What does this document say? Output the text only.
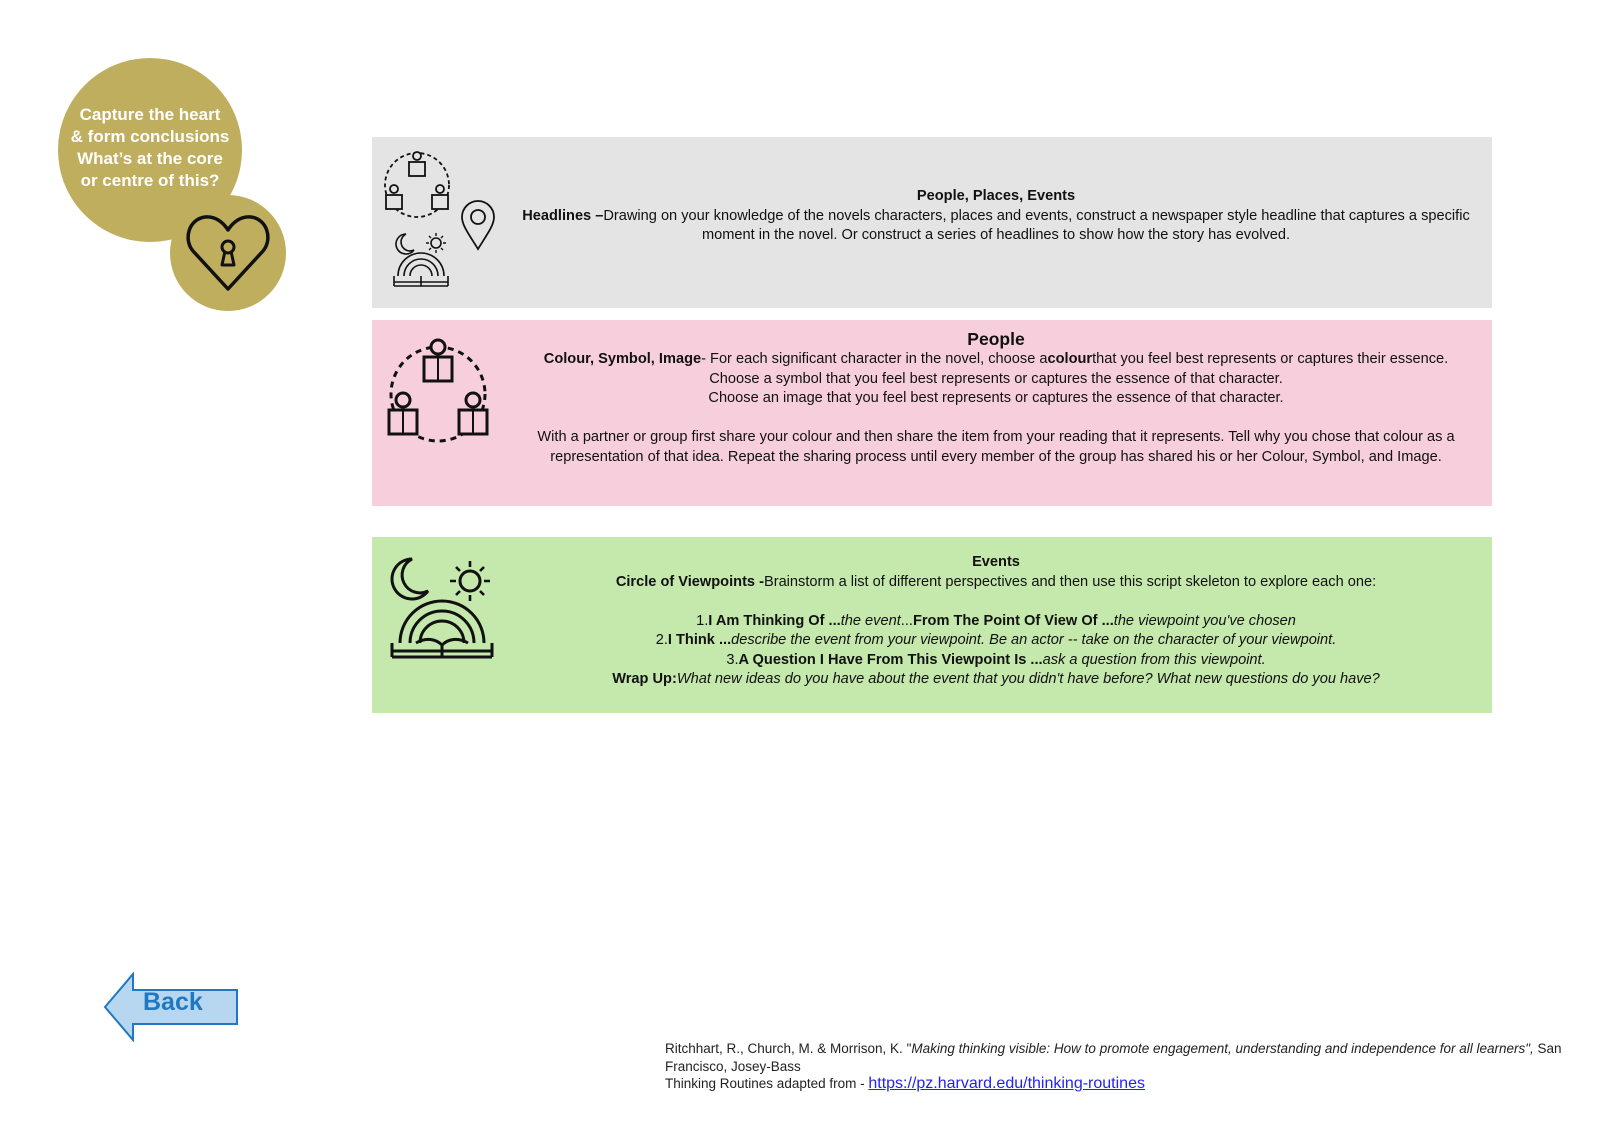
Capture the heart
& form conclusions
What’s at the core
or centre of this?
People, Places, Events
Headlines –Drawing on your knowledge of the novels characters, places and events, construct a newspaper style headline that captures a specific moment in the novel. Or construct a series of headlines to show how the story has evolved.
People
Colour, Symbol, Image- For each significant character in the novel, choose acolourthat you feel best represents or captures their essence.
Choose a symbol that you feel best represents or captures the essence of that character.
Choose an image that you feel best represents or captures the essence of that character.
With a partner or group first share your colour and then share the item from your reading that it represents. Tell why you chose that colour as a representation of that idea. Repeat the sharing process until every member of the group has shared his or her Colour, Symbol, and Image.
Events
Circle of Viewpoints -Brainstorm a list of different perspectives and then use this script skeleton to explore each one:
1.I Am Thinking Of ...the event...From The Point Of View Of ...the viewpoint you've chosen
2.I Think ...describe the event from your viewpoint. Be an actor -- take on the character of your viewpoint.
3.A Question I Have From This Viewpoint Is ...ask a question from this viewpoint.
Wrap Up:What new ideas do you have about the event that you didn't have before? What new questions do you have?
Back
Ritchhart, R., Church, M. & Morrison, K. "Making thinking visible: How to promote engagement, understanding and independence for all learners", San Francisco, Josey-Bass
Thinking Routines adapted from - https://pz.harvard.edu/thinking-routines
